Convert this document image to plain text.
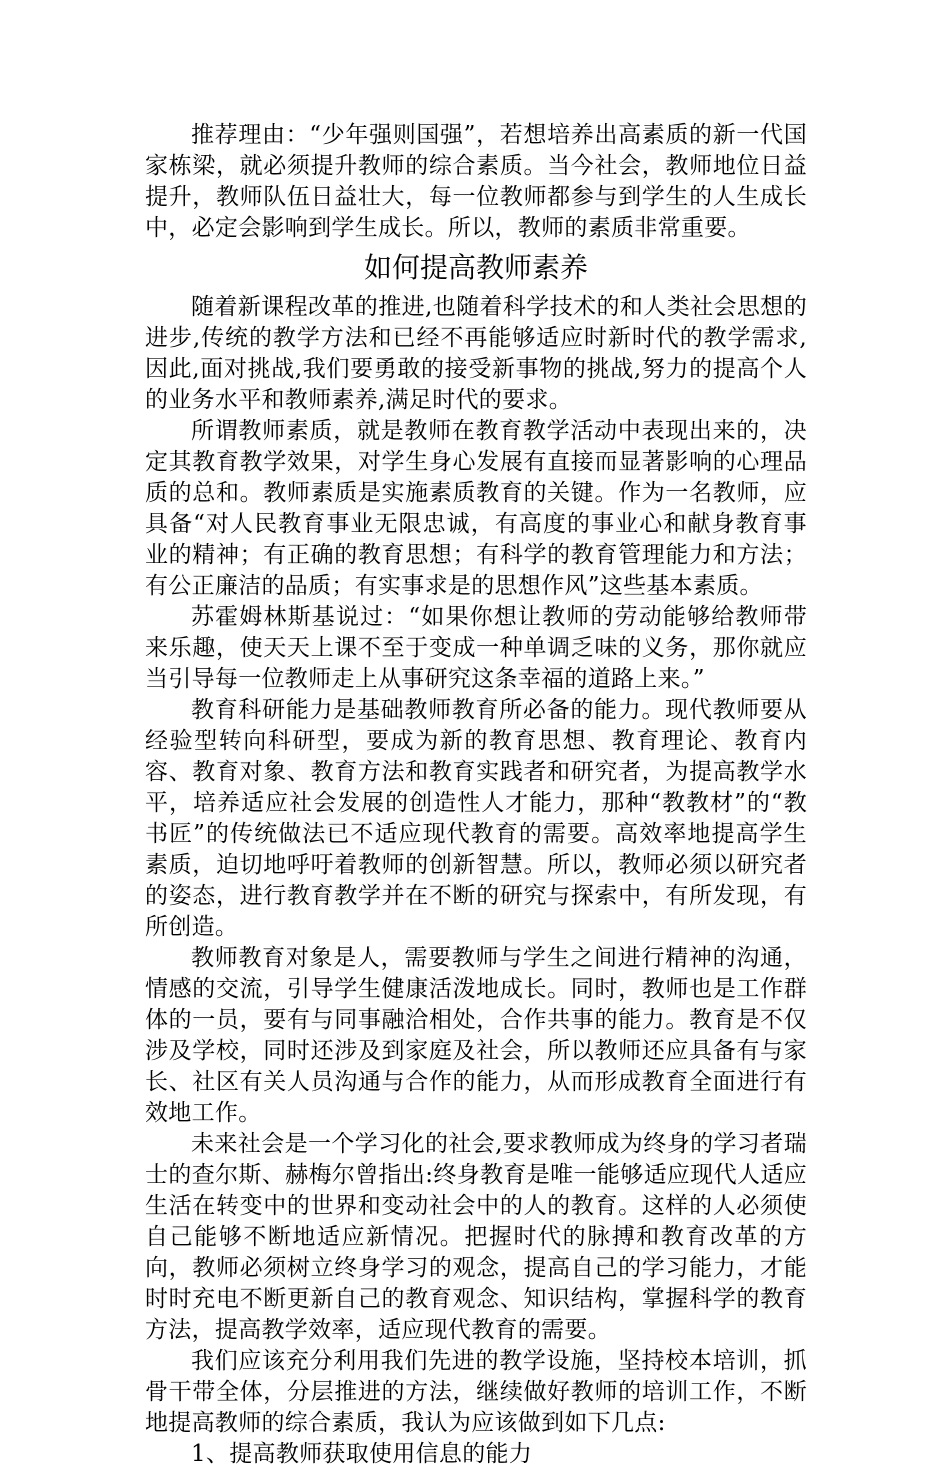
推荐理由：“少年强则国强”，若想培养出高素质的新一代国家栋梁，就必须提升教师的综合素质。当今社会，教师地位日益提升，教师队伍日益壮大，每一位教师都参与到学生的人生成长中，必定会影响到学生成长。所以，教师的素质非常重要。

如何提高教师素养

随着新课程改革的推进,也随着科学技术的和人类社会思想的进步,传统的教学方法和已经不再能够适应时新时代的教学需求,因此,面对挑战,我们要勇敢的接受新事物的挑战,努力的提高个人的业务水平和教师素养,满足时代的要求。

所谓教师素质，就是教师在教育教学活动中表现出来的，决定其教育教学效果，对学生身心发展有直接而显著影响的心理品质的总和。教师素质是实施素质教育的关键。作为一名教师，应具备“对人民教育事业无限忠诚，有高度的事业心和献身教育事业的精神；有正确的教育思想；有科学的教育管理能力和方法；有公正廉洁的品质；有实事求是的思想作风”这些基本素质。

苏霍姆林斯基说过：“如果你想让教师的劳动能够给教师带来乐趣，使天天上课不至于变成一种单调乏味的义务，那你就应当引导每一位教师走上从事研究这条幸福的道路上来。”

教育科研能力是基础教师教育所必备的能力。现代教师要从经验型转向科研型，要成为新的教育思想、教育理论、教育内容、教育对象、教育方法和教育实践者和研究者，为提高教学水平，培养适应社会发展的创造性人才能力，那种“教教材”的“教书匠”的传统做法已不适应现代教育的需要。高效率地提高学生素质，迫切地呼吁着教师的创新智慧。所以，教师必须以研究者的姿态，进行教育教学并在不断的研究与探索中，有所发现，有所创造。

教师教育对象是人，需要教师与学生之间进行精神的沟通，情感的交流，引导学生健康活泼地成长。同时，教师也是工作群体的一员，要有与同事融洽相处，合作共事的能力。教育是不仅涉及学校，同时还涉及到家庭及社会，所以教师还应具备有与家长、社区有关人员沟通与合作的能力，从而形成教育全面进行有效地工作。

未来社会是一个学习化的社会,要求教师成为终身的学习者瑞士的查尔斯、赫梅尔曾指出:终身教育是唯一能够适应现代人适应生活在转变中的世界和变动社会中的人的教育。这样的人必须使自己能够不断地适应新情况。把握时代的脉搏和教育改革的方向，教师必须树立终身学习的观念，提高自己的学习能力，才能时时充电不断更新自己的教育观念、知识结构，掌握科学的教育方法，提高教学效率，适应现代教育的需要。

我们应该充分利用我们先进的教学设施，坚持校本培训，抓骨干带全体，分层推进的方法，继续做好教师的培训工作，不断地提高教师的综合素质，我认为应该做到如下几点:

1、提高教师获取使用信息的能力
